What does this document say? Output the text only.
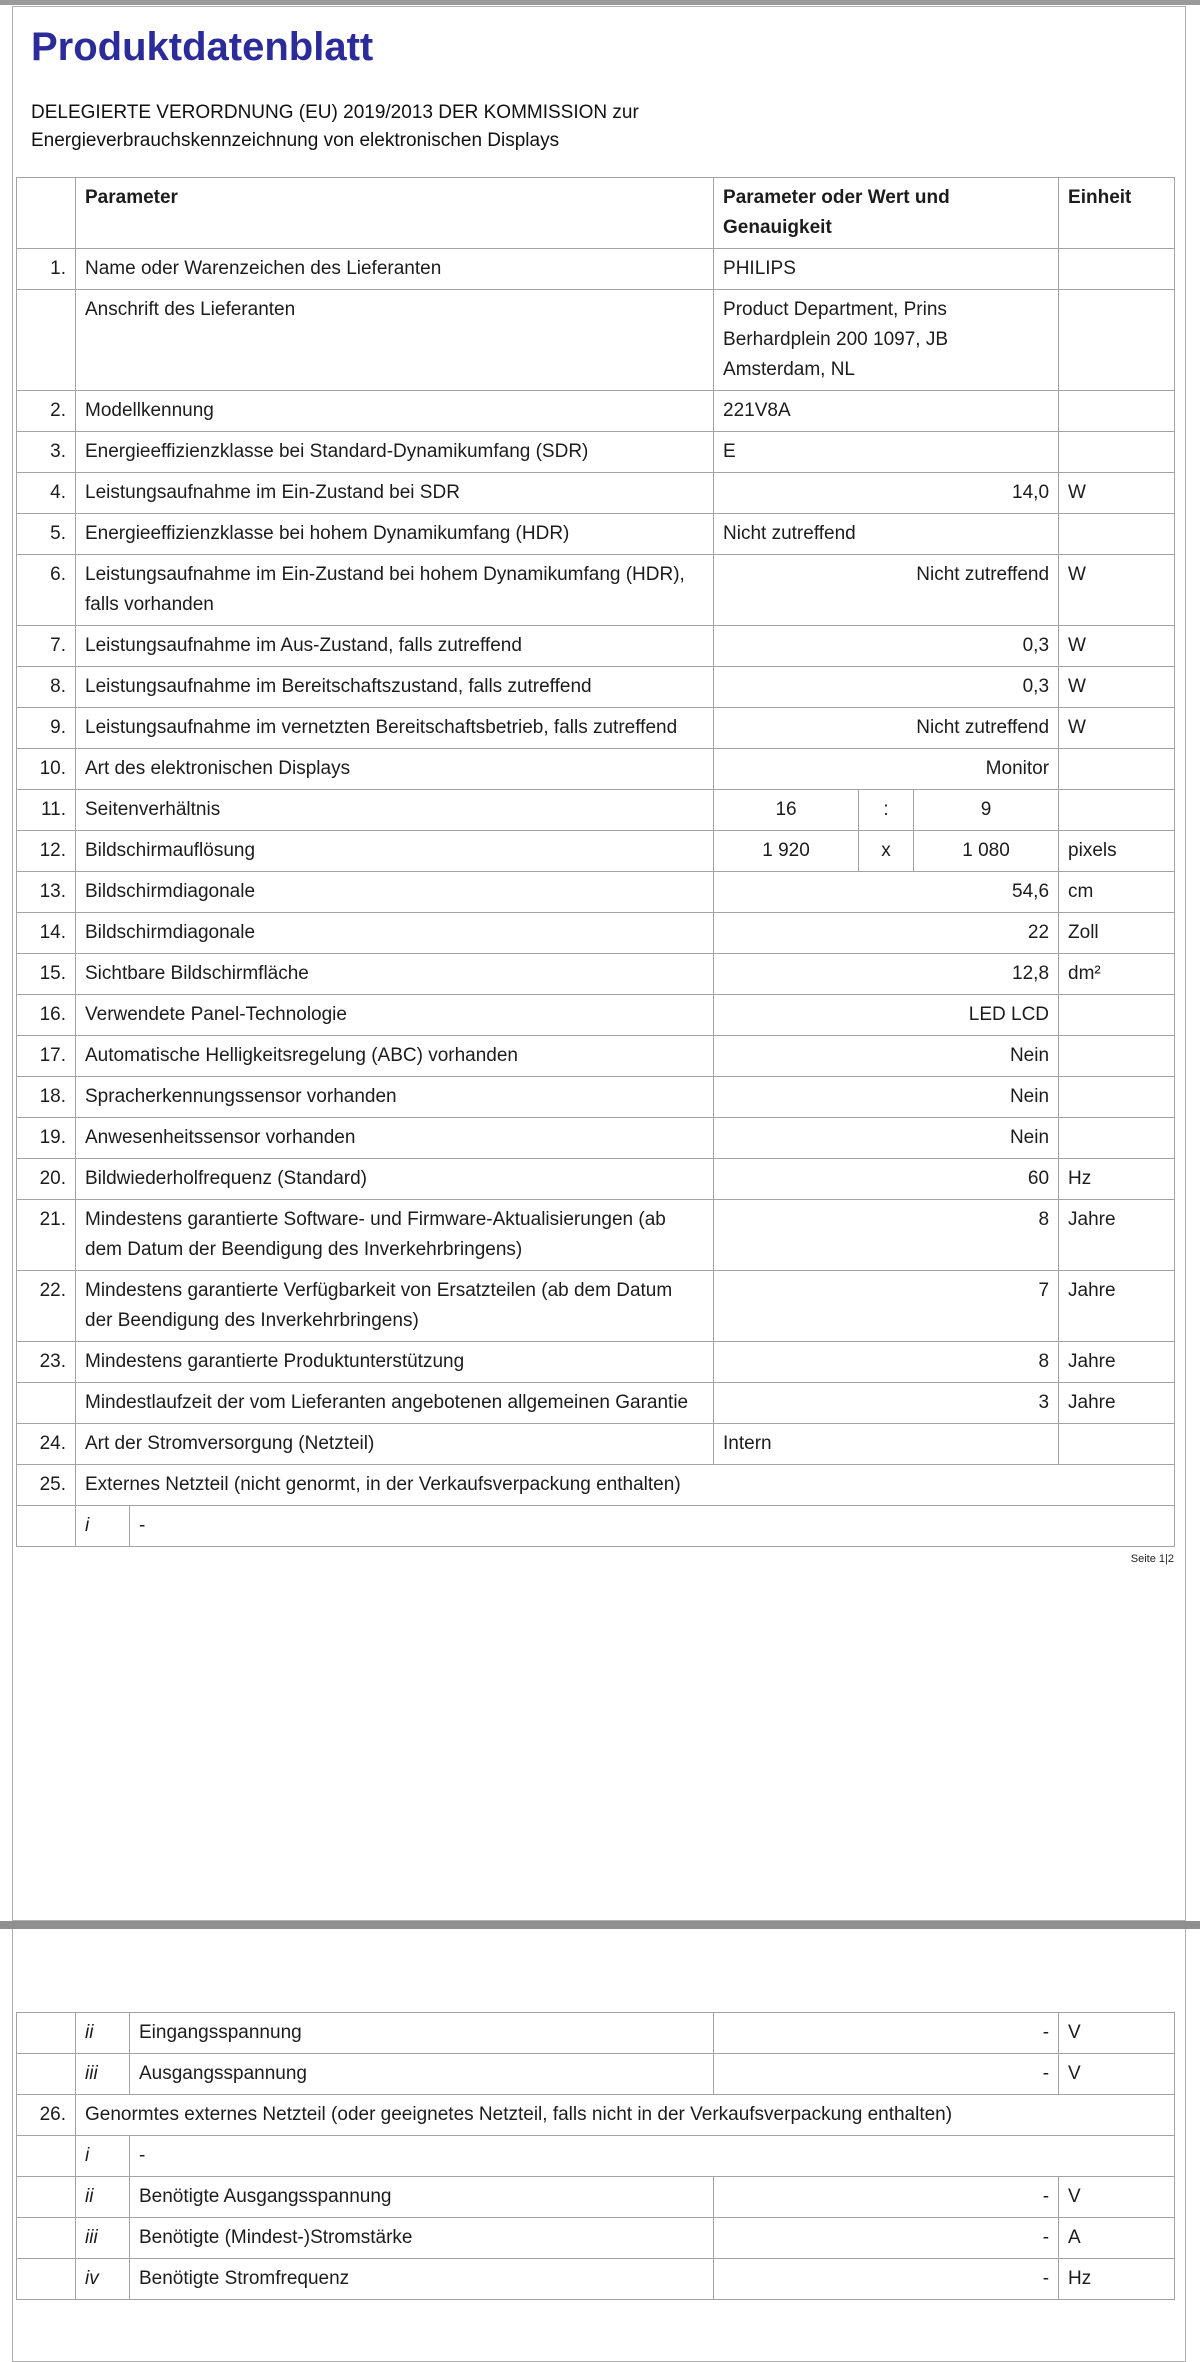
Produktdatenblatt
DELEGIERTE VERORDNUNG (EU) 2019/2013 DER KOMMISSION zur
Energieverbrauchskennzeichnung von elektronischen Displays
	Parameter		Parameter oder Wert und Genauigkeit			Einheit
1.	Name oder Warenzeichen des Lieferanten		PHILIPS			
	Anschrift des Lieferanten		Product Department, Prins Berhardplein 200 1097, JB Amsterdam, NL			
2.	Modellkennung		221V8A			
3.	Energieeffizienzklasse bei Standard-Dynamikumfang (SDR)		E			
4.	Leistungsaufnahme im Ein-Zustand bei SDR		14,0			W
5.	Energieeffizienzklasse bei hohem Dynamikumfang (HDR)		Nicht zutreffend			
6.	Leistungsaufnahme im Ein-Zustand bei hohem Dynamikumfang (HDR), falls vorhanden		Nicht zutreffend			W
7.	Leistungsaufnahme im Aus-Zustand, falls zutreffend		0,3			W
8.	Leistungsaufnahme im Bereitschaftszustand, falls zutreffend		0,3			W
9.	Leistungsaufnahme im vernetzten Bereitschaftsbetrieb, falls zutreffend		Nicht zutreffend			W
10.	Art des elektronischen Displays		Monitor			
11.	Seitenverhältnis		16	:	9	
12.	Bildschirmauflösung		1 920	x	1 080	pixels
13.	Bildschirmdiagonale		54,6			cm
14.	Bildschirmdiagonale		22			Zoll
15.	Sichtbare Bildschirmfläche		12,8			dm²
16.	Verwendete Panel-Technologie		LED LCD			
17.	Automatische Helligkeitsregelung (ABC) vorhanden		Nein			
18.	Spracherkennungssensor vorhanden		Nein			
19.	Anwesenheitssensor vorhanden		Nein			
20.	Bildwiederholfrequenz (Standard)		60			Hz
21.	Mindestens garantierte Software- und Firmware-Aktualisierungen (ab dem Datum der Beendigung des Inverkehrbringens)		8			Jahre
22.	Mindestens garantierte Verfügbarkeit von Ersatzteilen (ab dem Datum der Beendigung des Inverkehrbringens)		7			Jahre
23.	Mindestens garantierte Produktunterstützung		8			Jahre
	Mindestlaufzeit der vom Lieferanten angebotenen allgemeinen Garantie		3			Jahre
24.	Art der Stromversorgung (Netzteil)		Intern			
25.	Externes Netzteil (nicht genormt, in der Verkaufsverpackung enthalten)					
	i	-				
Seite 1|2
	ii	Eingangsspannung	-	V
	iii	Ausgangsspannung	-	V
26.	Genormtes externes Netzteil (oder geeignetes Netzteil, falls nicht in der Verkaufsverpackung enthalten)			
	i	-		
	ii	Benötigte Ausgangsspannung	-	V
	iii	Benötigte (Mindest-)Stromstärke	-	A
	iv	Benötigte Stromfrequenz	-	Hz
